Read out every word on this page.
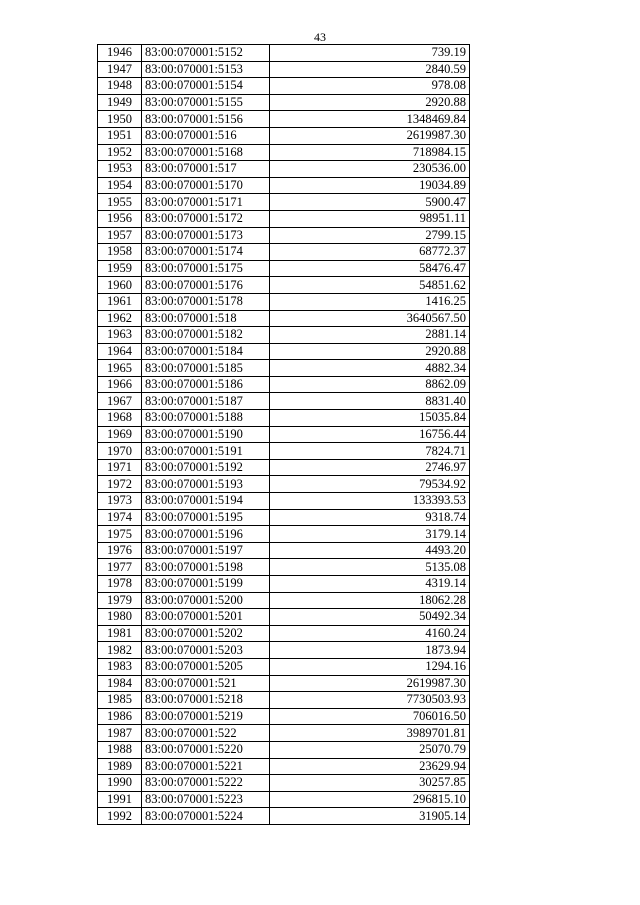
43
1946	83:00:070001:5152	739.19
1947	83:00:070001:5153	2840.59
1948	83:00:070001:5154	978.08
1949	83:00:070001:5155	2920.88
1950	83:00:070001:5156	1348469.84
1951	83:00:070001:516	2619987.30
1952	83:00:070001:5168	718984.15
1953	83:00:070001:517	230536.00
1954	83:00:070001:5170	19034.89
1955	83:00:070001:5171	5900.47
1956	83:00:070001:5172	98951.11
1957	83:00:070001:5173	2799.15
1958	83:00:070001:5174	68772.37
1959	83:00:070001:5175	58476.47
1960	83:00:070001:5176	54851.62
1961	83:00:070001:5178	1416.25
1962	83:00:070001:518	3640567.50
1963	83:00:070001:5182	2881.14
1964	83:00:070001:5184	2920.88
1965	83:00:070001:5185	4882.34
1966	83:00:070001:5186	8862.09
1967	83:00:070001:5187	8831.40
1968	83:00:070001:5188	15035.84
1969	83:00:070001:5190	16756.44
1970	83:00:070001:5191	7824.71
1971	83:00:070001:5192	2746.97
1972	83:00:070001:5193	79534.92
1973	83:00:070001:5194	133393.53
1974	83:00:070001:5195	9318.74
1975	83:00:070001:5196	3179.14
1976	83:00:070001:5197	4493.20
1977	83:00:070001:5198	5135.08
1978	83:00:070001:5199	4319.14
1979	83:00:070001:5200	18062.28
1980	83:00:070001:5201	50492.34
1981	83:00:070001:5202	4160.24
1982	83:00:070001:5203	1873.94
1983	83:00:070001:5205	1294.16
1984	83:00:070001:521	2619987.30
1985	83:00:070001:5218	7730503.93
1986	83:00:070001:5219	706016.50
1987	83:00:070001:522	3989701.81
1988	83:00:070001:5220	25070.79
1989	83:00:070001:5221	23629.94
1990	83:00:070001:5222	30257.85
1991	83:00:070001:5223	296815.10
1992	83:00:070001:5224	31905.14
